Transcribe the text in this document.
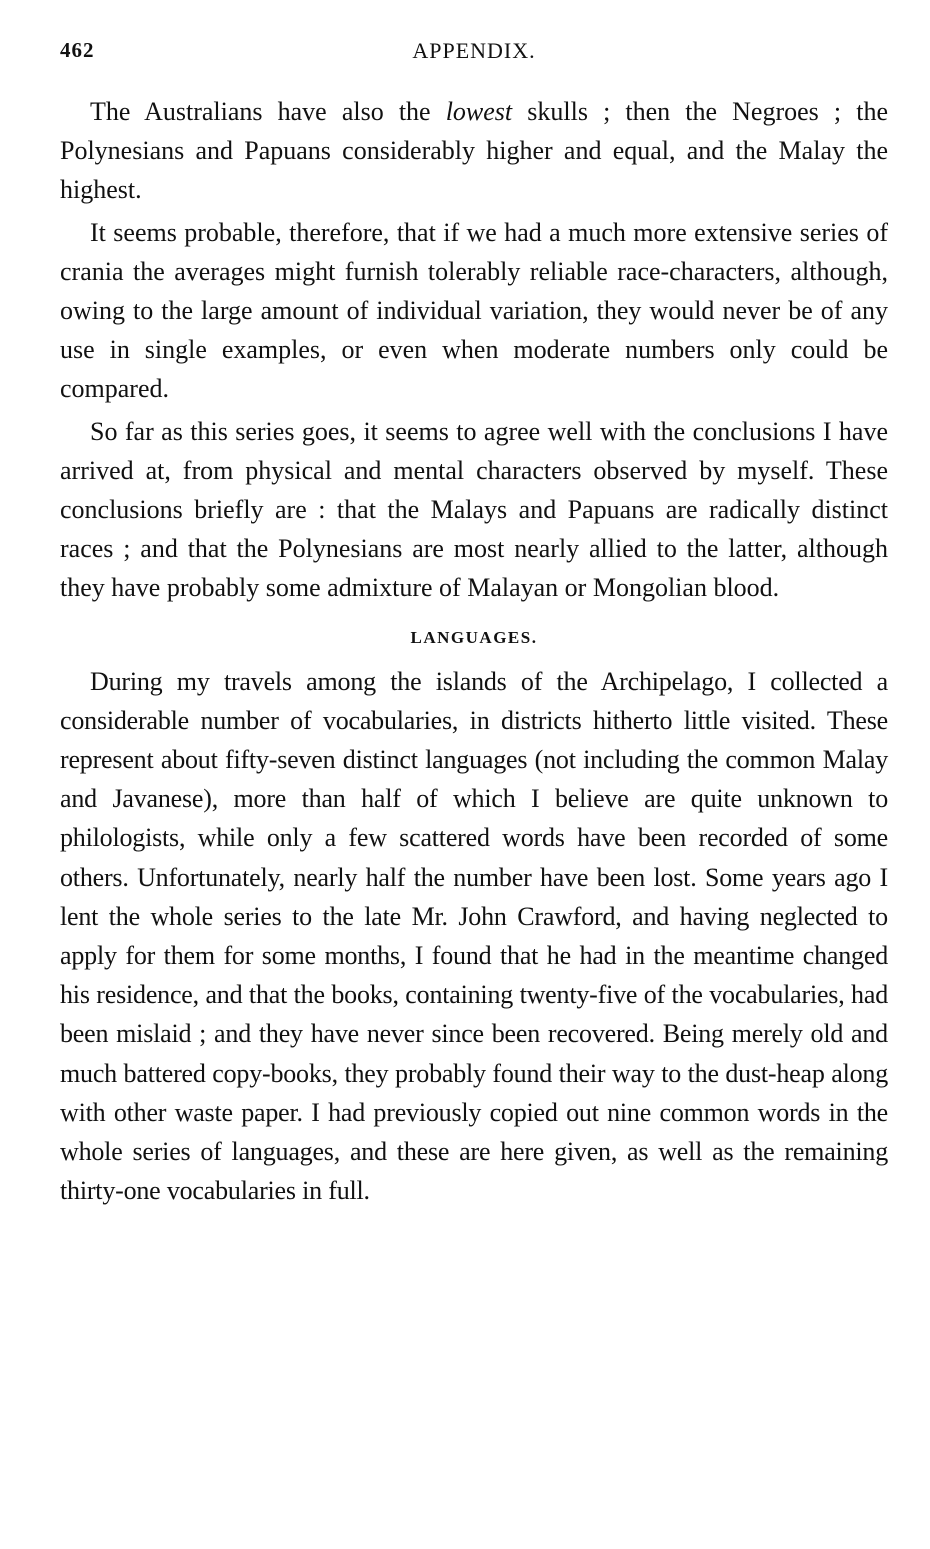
462	APPENDIX.

The Australians have also the lowest skulls ; then the Negroes ; the Polynesians and Papuans considerably higher and equal, and the Malay the highest.

It seems probable, therefore, that if we had a much more extensive series of crania the averages might furnish tolerably reliable race-characters, although, owing to the large amount of individual variation, they would never be of any use in single examples, or even when moderate numbers only could be compared.

So far as this series goes, it seems to agree well with the conclusions I have arrived at, from physical and mental characters observed by myself. These conclusions briefly are : that the Malays and Papuans are radically distinct races ; and that the Polynesians are most nearly allied to the latter, although they have probably some admixture of Malayan or Mongolian blood.

LANGUAGES.

During my travels among the islands of the Archipelago, I collected a considerable number of vocabularies, in districts hitherto little visited. These represent about fifty-seven distinct languages (not including the common Malay and Javanese), more than half of which I believe are quite unknown to philologists, while only a few scattered words have been recorded of some others. Unfortunately, nearly half the number have been lost. Some years ago I lent the whole series to the late Mr. John Crawford, and having neglected to apply for them for some months, I found that he had in the meantime changed his residence, and that the books, containing twenty-five of the vocabularies, had been mislaid ; and they have never since been recovered. Being merely old and much battered copy-books, they probably found their way to the dust-heap along with other waste paper. I had previously copied out nine common words in the whole series of languages, and these are here given, as well as the remaining thirty-one vocabularies in full.
